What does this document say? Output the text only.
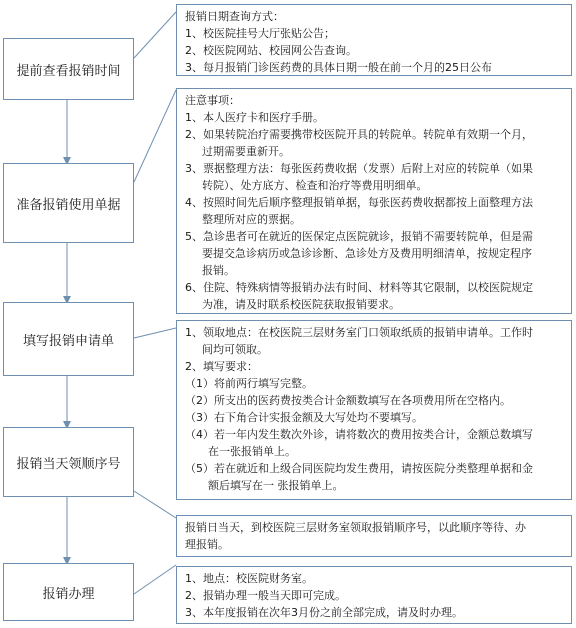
提前查看报销时间
准备报销使用单据
填写报销申请单
报销当天领顺序号
报销办理
报销日期查询方式：
1、校医院挂号大厅张贴公告；
2、校医院网站、校园网公告查询。
3、每月报销门诊医药费的具体日期一般在前一个月的25日公布
注意事项：
1、本人医疗卡和医疗手册。
2、如果转院治疗需要携带校医院开具的转院单。转院单有效期一个月，
过期需要重新开。
3、票据整理方法：每张医药费收据（发票）后附上对应的转院单（如果
转院）、处方底方、检查和治疗等费用明细单。
4、按照时间先后顺序整理报销单据，每张医药费收据都按上面整理方法
整理所对应的票据。
5、急诊患者可在就近的医保定点医院就诊，报销不需要转院单，但是需
要提交急诊病历或急诊诊断、急诊处方及费用明细清单，按规定程序
报销。
6、住院、特殊病情等报销办法有时间、材料等其它限制，以校医院规定
为准，请及时联系校医院获取报销要求。
1、领取地点：在校医院三层财务室门口领取纸质的报销申请单。工作时
间均可领取。
2、填写要求：
（1）将前两行填写完整。
（2）所支出的医药费按类合计金额数填写在各项费用所在空格内。
（3）右下角合计实报金额及大写处均不要填写。
（4）若一年内发生数次外诊，请将数次的费用按类合计，金额总数填写
在一张报销单上。
（5）若在就近和上级合同医院均发生费用，请按医院分类整理单据和金
额后填写在一 张报销单上。
报销日当天，到校医院三层财务室领取报销顺序号，以此顺序等待、办
理报销。
1、地点：校医院财务室。
2、报销办理一般当天即可完成。
3、本年度报销在次年3月份之前全部完成，请及时办理。
